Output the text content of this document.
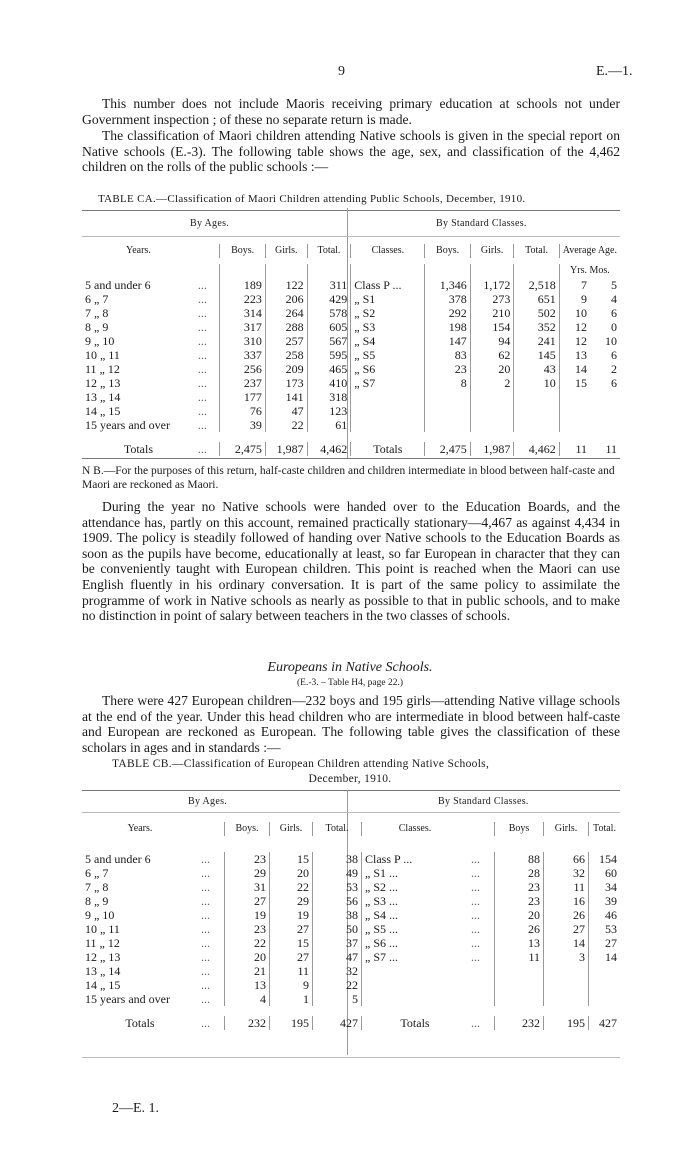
9	E.—1.

This number does not include Maoris receiving primary education at schools not under Government inspection ; of these no separate return is made.

The classification of Maori children attending Native schools is given in the special report on Native schools (E.-3). The following table shows the age, sex, and classification of the 4,462 children on the rolls of the public schools :—

TABLE CA.—Classification of Maori Children attending Public Schools, December, 1910.
By Ages.	By Standard Classes.
Years.		Boys.	Girls.	Total.	Classes.	Boys.	Girls.	Total.	Average Age.	

									Yrs. Mos.	
5 and under 6	...	189	122	311	Class P ...	1,346	1,172	2,518	7	5
6 „ 7	...	223	206	429	„ S1	378	273	651	9	4
7 „ 8	...	314	264	578	„ S2	292	210	502	10	6
8 „ 9	...	317	288	605	„ S3	198	154	352	12	0
9 „ 10	...	310	257	567	„ S4	147	94	241	12	10
10 „ 11	...	337	258	595	„ S5	83	62	145	13	6
11 „ 12	...	256	209	465	„ S6	23	20	43	14	2
12 „ 13	...	237	173	410	„ S7	8	2	10	15	6
13 „ 14	...	177	141	318						
14 „ 15	...	76	47	123						
15 years and over	...	39	22	61						

Totals	...	2,475	1,987	4,462	Totals	2,475	1,987	4,462	11	11

N B.—For the purposes of this return, half-caste children and children intermediate in blood between half-caste and Maori are reckoned as Maori.

During the year no Native schools were handed over to the Education Boards, and the attendance has, partly on this account, remained practically stationary—4,467 as against 4,434 in 1909. The policy is steadily followed of handing over Native schools to the Education Boards as soon as the pupils have become, educationally at least, so far European in character that they can be conveniently taught with European children. This point is reached when the Maori can use English fluently in his ordinary conversation. It is part of the same policy to assimilate the programme of work in Native schools as nearly as possible to that in public schools, and to make no distinction in point of salary between teachers in the two classes of schools.

Europeans in Native Schools.
(E.-3. – Table H4, page 22.)

There were 427 European children—232 boys and 195 girls—attending Native village schools at the end of the year. Under this head children who are intermediate in blood between half-caste and European are reckoned as European. The following table gives the classification of these scholars in ages and in standards :—

TABLE CB.—Classification of European Children attending Native Schools,
December, 1910.
By Ages.	By Standard Classes.
Years.		Boys.	Girls.	Total.	Classes.		Boys	Girls.	Total.

5 and under 6	...	23	15	38	Class P ...	...	88	66	154
6 „ 7	...	29	20	49	„ S1 ...	...	28	32	60
7 „ 8	...	31	22	53	„ S2 ...	...	23	11	34
8 „ 9	...	27	29	56	„ S3 ...	...	23	16	39
9 „ 10	...	19	19	38	„ S4 ...	...	20	26	46
10 „ 11	...	23	27	50	„ S5 ...	...	26	27	53
11 „ 12	...	22	15	37	„ S6 ...	...	13	14	27
12 „ 13	...	20	27	47	„ S7 ...	...	11	3	14
13 „ 14	...	21	11	32					
14 „ 15	...	13	9	22					
15 years and over	...	4	1	5					

Totals	...	232	195	427	Totals	...	232	195	427
2—E. 1.
